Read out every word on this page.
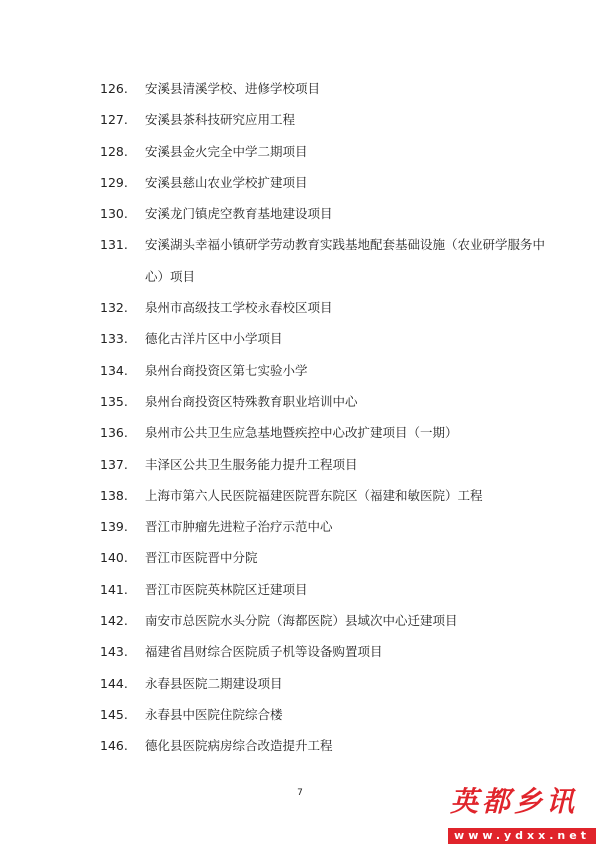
126.	安溪县清溪学校、进修学校项目
127.	安溪县茶科技研究应用工程
128.	安溪县金火完全中学二期项目
129.	安溪县慈山农业学校扩建项目
130.	安溪龙门镇虎空教育基地建设项目
131.	安溪湖头幸福小镇研学劳动教育实践基地配套基础设施（农业研学服务中
心）项目
132.	泉州市高级技工学校永春校区项目
133.	德化古洋片区中小学项目
134.	泉州台商投资区第七实验小学
135.	泉州台商投资区特殊教育职业培训中心
136.	泉州市公共卫生应急基地暨疾控中心改扩建项目（一期）
137.	丰泽区公共卫生服务能力提升工程项目
138.	上海市第六人民医院福建医院晋东院区（福建和敏医院）工程
139.	晋江市肿瘤先进粒子治疗示范中心
140.	晋江市医院晋中分院
141.	晋江市医院英林院区迁建项目
142.	南安市总医院水头分院（海都医院）县域次中心迁建项目
143.	福建省昌财综合医院质子机等设备购置项目
144.	永春县医院二期建设项目
145.	永春县中医院住院综合楼
146.	德化县医院病房综合改造提升工程
7	英都乡讯
www.ydxx.net
